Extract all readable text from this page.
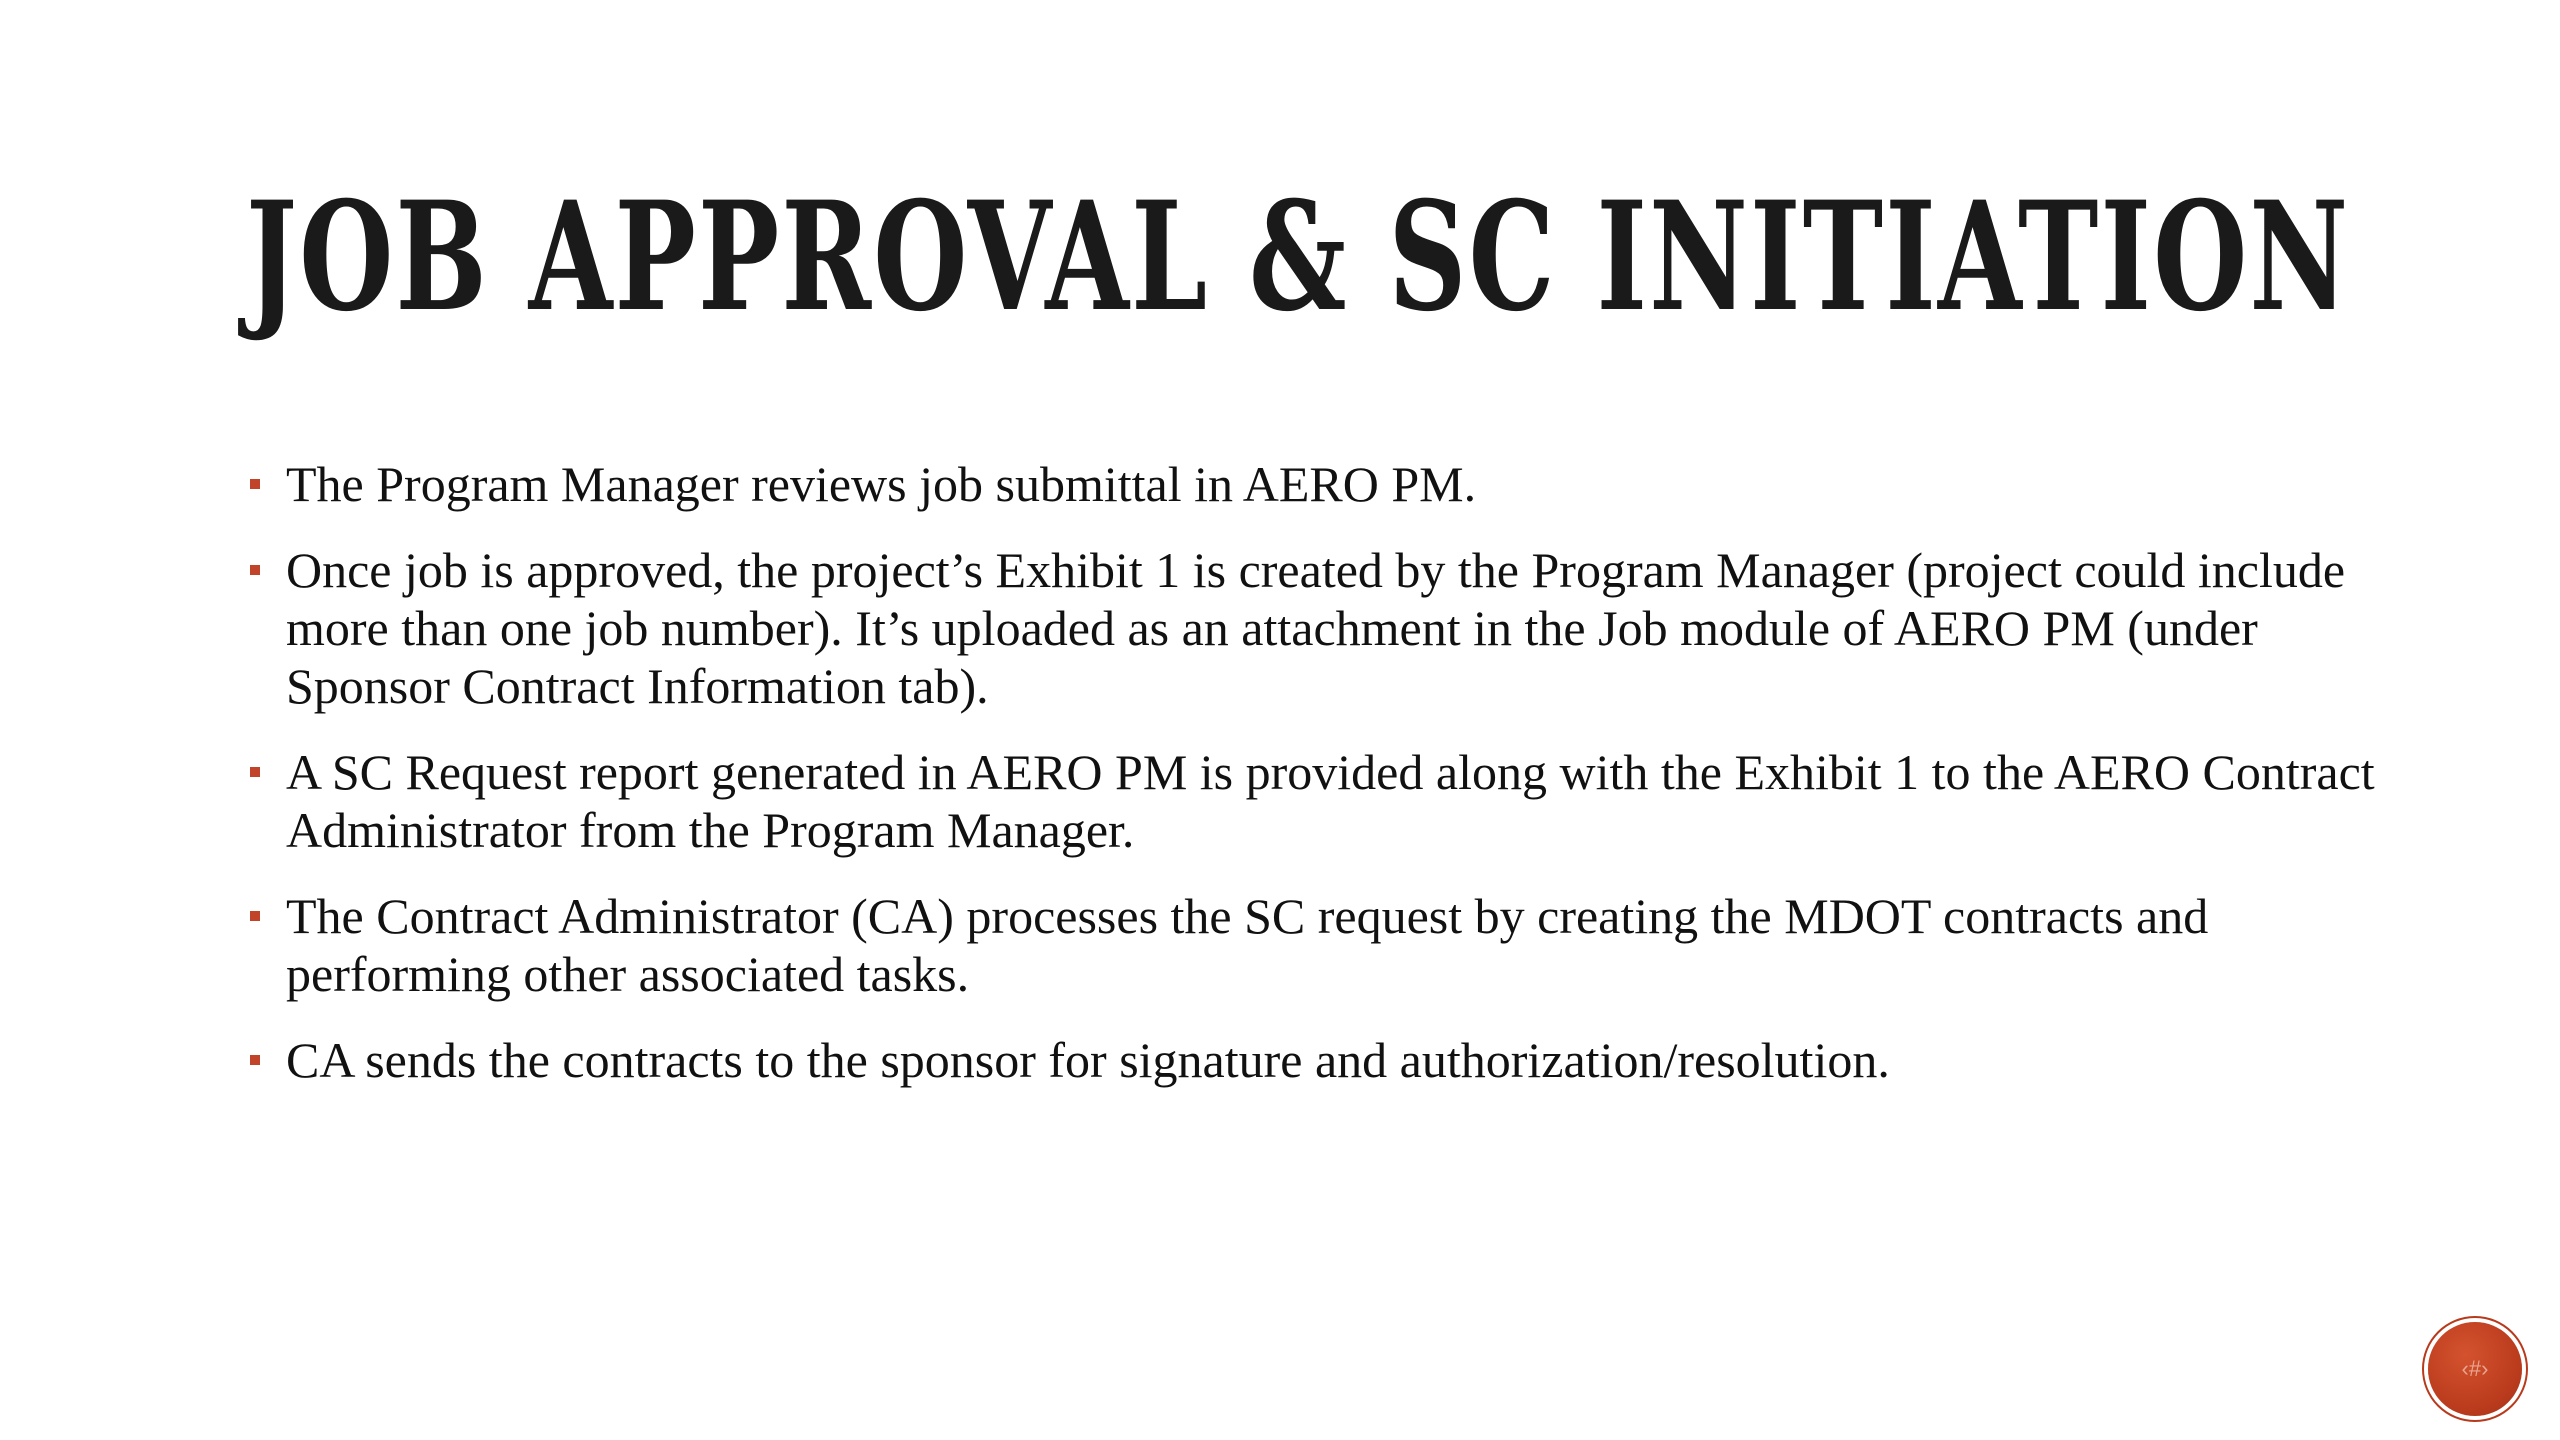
JOB APPROVAL & SC INITIATION
The Program Manager reviews job submittal in AERO PM.
Once job is approved, the project’s Exhibit 1 is created by the Program Manager (project could include more than one job number). It’s uploaded as an attachment in the Job module of AERO PM (under Sponsor Contract Information tab).
A SC Request report generated in AERO PM is provided along with the Exhibit 1 to the AERO Contract Administrator from the Program Manager.
The Contract Administrator (CA) processes the SC request by creating the MDOT contracts and performing other associated tasks.
CA sends the contracts to the sponsor for signature and authorization/resolution.
‹#›
